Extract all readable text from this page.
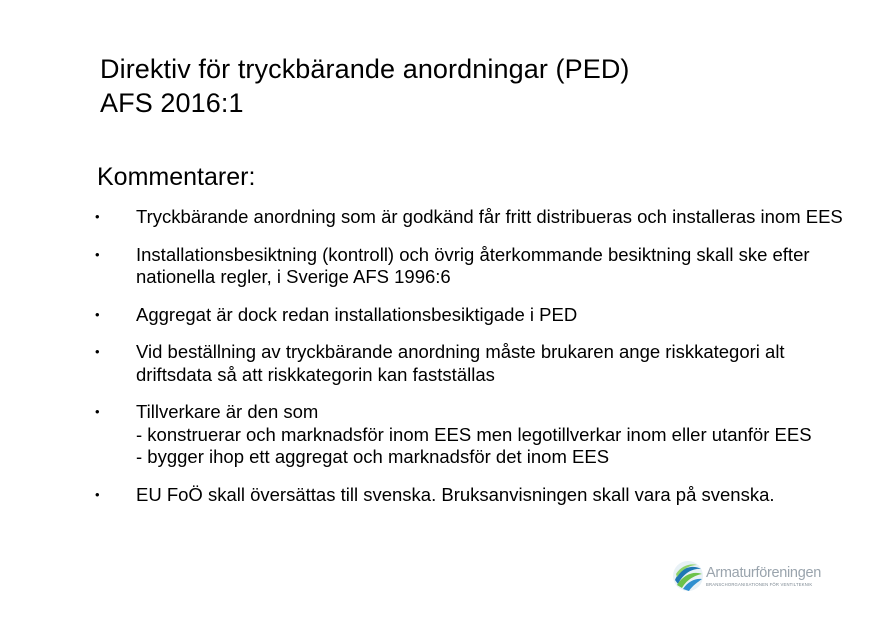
Direktiv för tryckbärande anordningar (PED)
AFS 2016:1
Kommentarer:
•	Tryckbärande anordning som är godkänd får fritt distribueras och installeras inom EES
•	Installationsbesiktning (kontroll) och övrig återkommande besiktning skall ske efter nationella regler, i Sverige AFS 1996:6
•	Aggregat är dock redan installationsbesiktigade i PED
•	Vid beställning av tryckbärande anordning måste brukaren ange riskkategori alt driftsdata så att riskkategorin kan fastställas
•	Tillverkare är den som
- konstruerar och marknadsför inom EES men legotillverkar inom eller utanför EES
- bygger ihop ett aggregat och marknadsför det inom EES
•	EU FoÖ skall översättas till svenska. Bruksanvisningen skall vara på svenska.
Armaturföreningen
BRANSCHORGANISATIONEN FÖR VENTILTEKNIK
